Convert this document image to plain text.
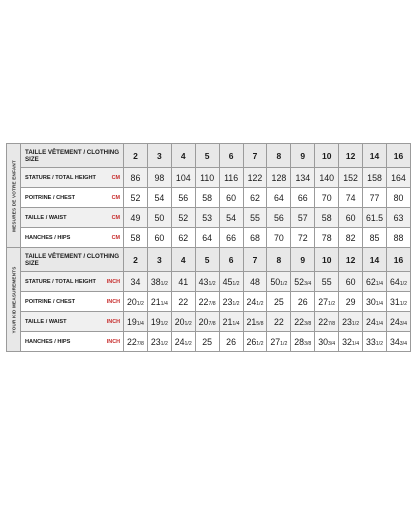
MESURES DE VOTRE ENFANT	TAILLE VÊTEMENT / CLOTHING SIZE	2	3	4	5	6	7	8	9	10	12	14	16
	STATURE / TOTAL HEIGHT CM	86	98	104	110	116	122	128	134	140	152	158	164
	POITRINE / CHEST CM	52	54	56	58	60	62	64	66	70	74	77	80
	TAILLE / WAIST CM	49	50	52	53	54	55	56	57	58	60	61.5	63
	HANCHES / HIPS CM	58	60	62	64	66	68	70	72	78	82	85	88

YOUR KID MEASUREMENTS	TAILLE VÊTEMENT / CLOTHING SIZE	2	3	4	5	6	7	8	9	10	12	14	16
	STATURE / TOTAL HEIGHT INCH	34	381/2	41	431/2	451/2	48	501/2	523/4	55	60	621/4	641/2
	POITRINE / CHEST INCH	201/2	211/4	22	227/8	231/2	241/2	25	26	271/2	29	301/4	311/2
	TAILLE / WAIST INCH	191/4	191/2	201/2	207/8	211/4	215/8	22	223/8	227/8	231/2	241/4	243/4
	HANCHES / HIPS INCH	227/8	231/2	241/2	25	26	261/2	271/2	283/8	303/4	321/4	331/2	343/4
